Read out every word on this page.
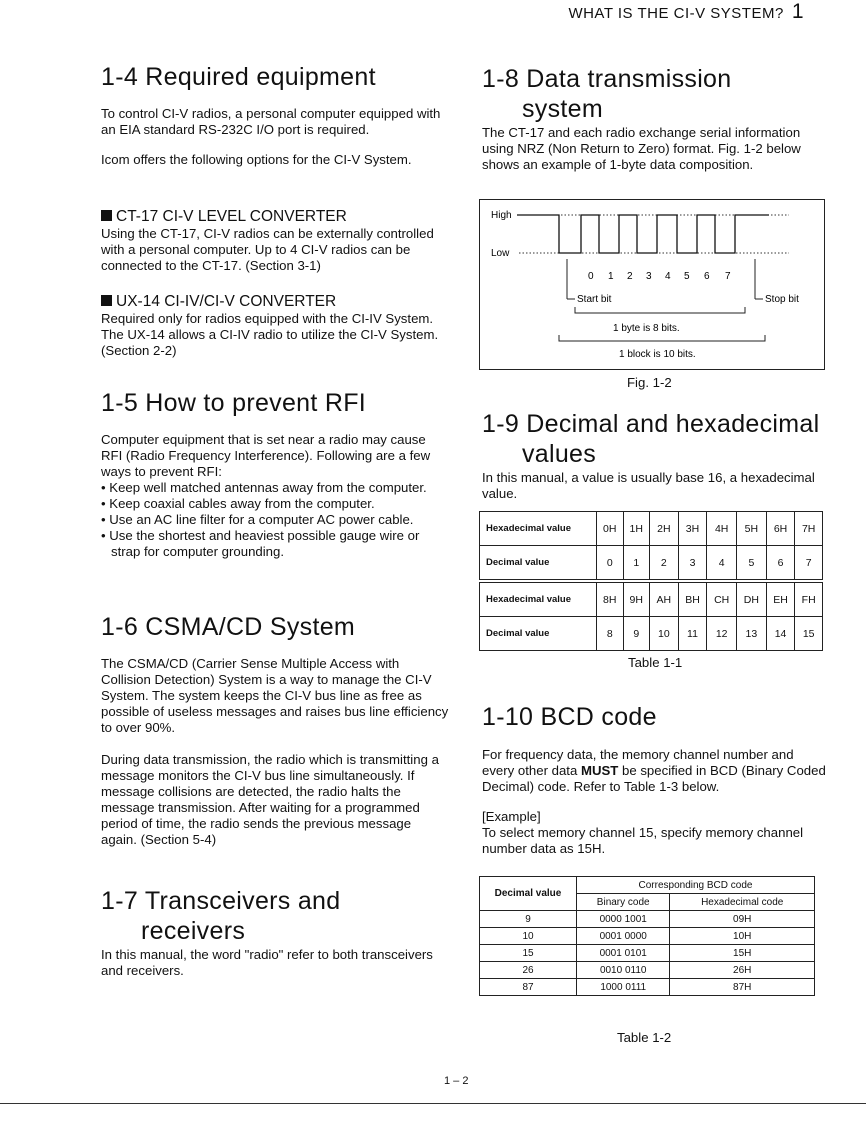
WHAT IS THE CI-V SYSTEM? 1
1-4 Required equipment

To control CI-V radios, a personal computer equipped with an EIA standard RS-232C I/O port is required.

Icom offers the following options for the CI-V System.

CT-17 CI-V LEVEL CONVERTER
Using the CT-17, CI-V radios can be externally controlled with a personal computer. Up to 4 CI-V radios can be connected to the CT-17. (Section 3-1)
UX-14 CI-IV/CI-V CONVERTER
Required only for radios equipped with the CI-IV System. The UX-14 allows a CI-IV radio to utilize the CI-V System. (Section 2-2)
1-5 How to prevent RFI

Computer equipment that is set near a radio may cause RFI (Radio Frequency Interference). Following are a few ways to prevent RFI:

• Keep well matched antennas away from the computer.
• Keep coaxial cables away from the computer.
• Use an AC line filter for a computer AC power cable.
• Use the shortest and heaviest possible gauge wire or strap for computer grounding.
1-6 CSMA/CD System

The CSMA/CD (Carrier Sense Multiple Access with Collision Detection) System is a way to manage the CI-V System. The system keeps the CI-V bus line as free as possible of useless messages and raises bus line efficiency to over 90%.

During data transmission, the radio which is transmitting a message monitors the CI-V bus line simultaneously. If message collisions are detected, the radio halts the message transmission. After waiting for a programmed period of time, the radio sends the previous message again. (Section 5-4)

1-7 Transceivers and
receivers
In this manual, the word "radio" refer to both transceivers and receivers.
1-8 Data transmission
system
The CT-17 and each radio exchange serial information using NRZ (Non Return to Zero) format. Fig. 1-2 below shows an example of 1-byte data composition.
High
Low
0 1 2 3 4 5 6 7
Start bit	Stop bit
1 byte is 8 bits.
1 block is 10 bits.
Fig. 1-2
1-9 Decimal and hexadecimal
values
In this manual, a value is usually base 16, a hexadecimal value.
Hexadecimal value	0H	1H	2H	3H	4H	5H	6H	7H
Decimal value	0	1	2	3	4	5	6	7

Hexadecimal value	8H	9H	AH	BH	CH	DH	EH	FH
Decimal value	8	9	10	11	12	13	14	15
Table 1-1
1-10 BCD code

For frequency data, the memory channel number and every other data MUST be specified in BCD (Binary Coded Decimal) code. Refer to Table 1-3 below.

[Example]

To select memory channel 15, specify memory channel number data as 15H.

Decimal value	Corresponding BCD code	
	Binary code	Hexadecimal code
9	0000 1001	09H
10	0001 0000	10H
15	0001 0101	15H
26	0010 0110	26H
87	1000 0111	87H
Table 1-2
1 – 2
